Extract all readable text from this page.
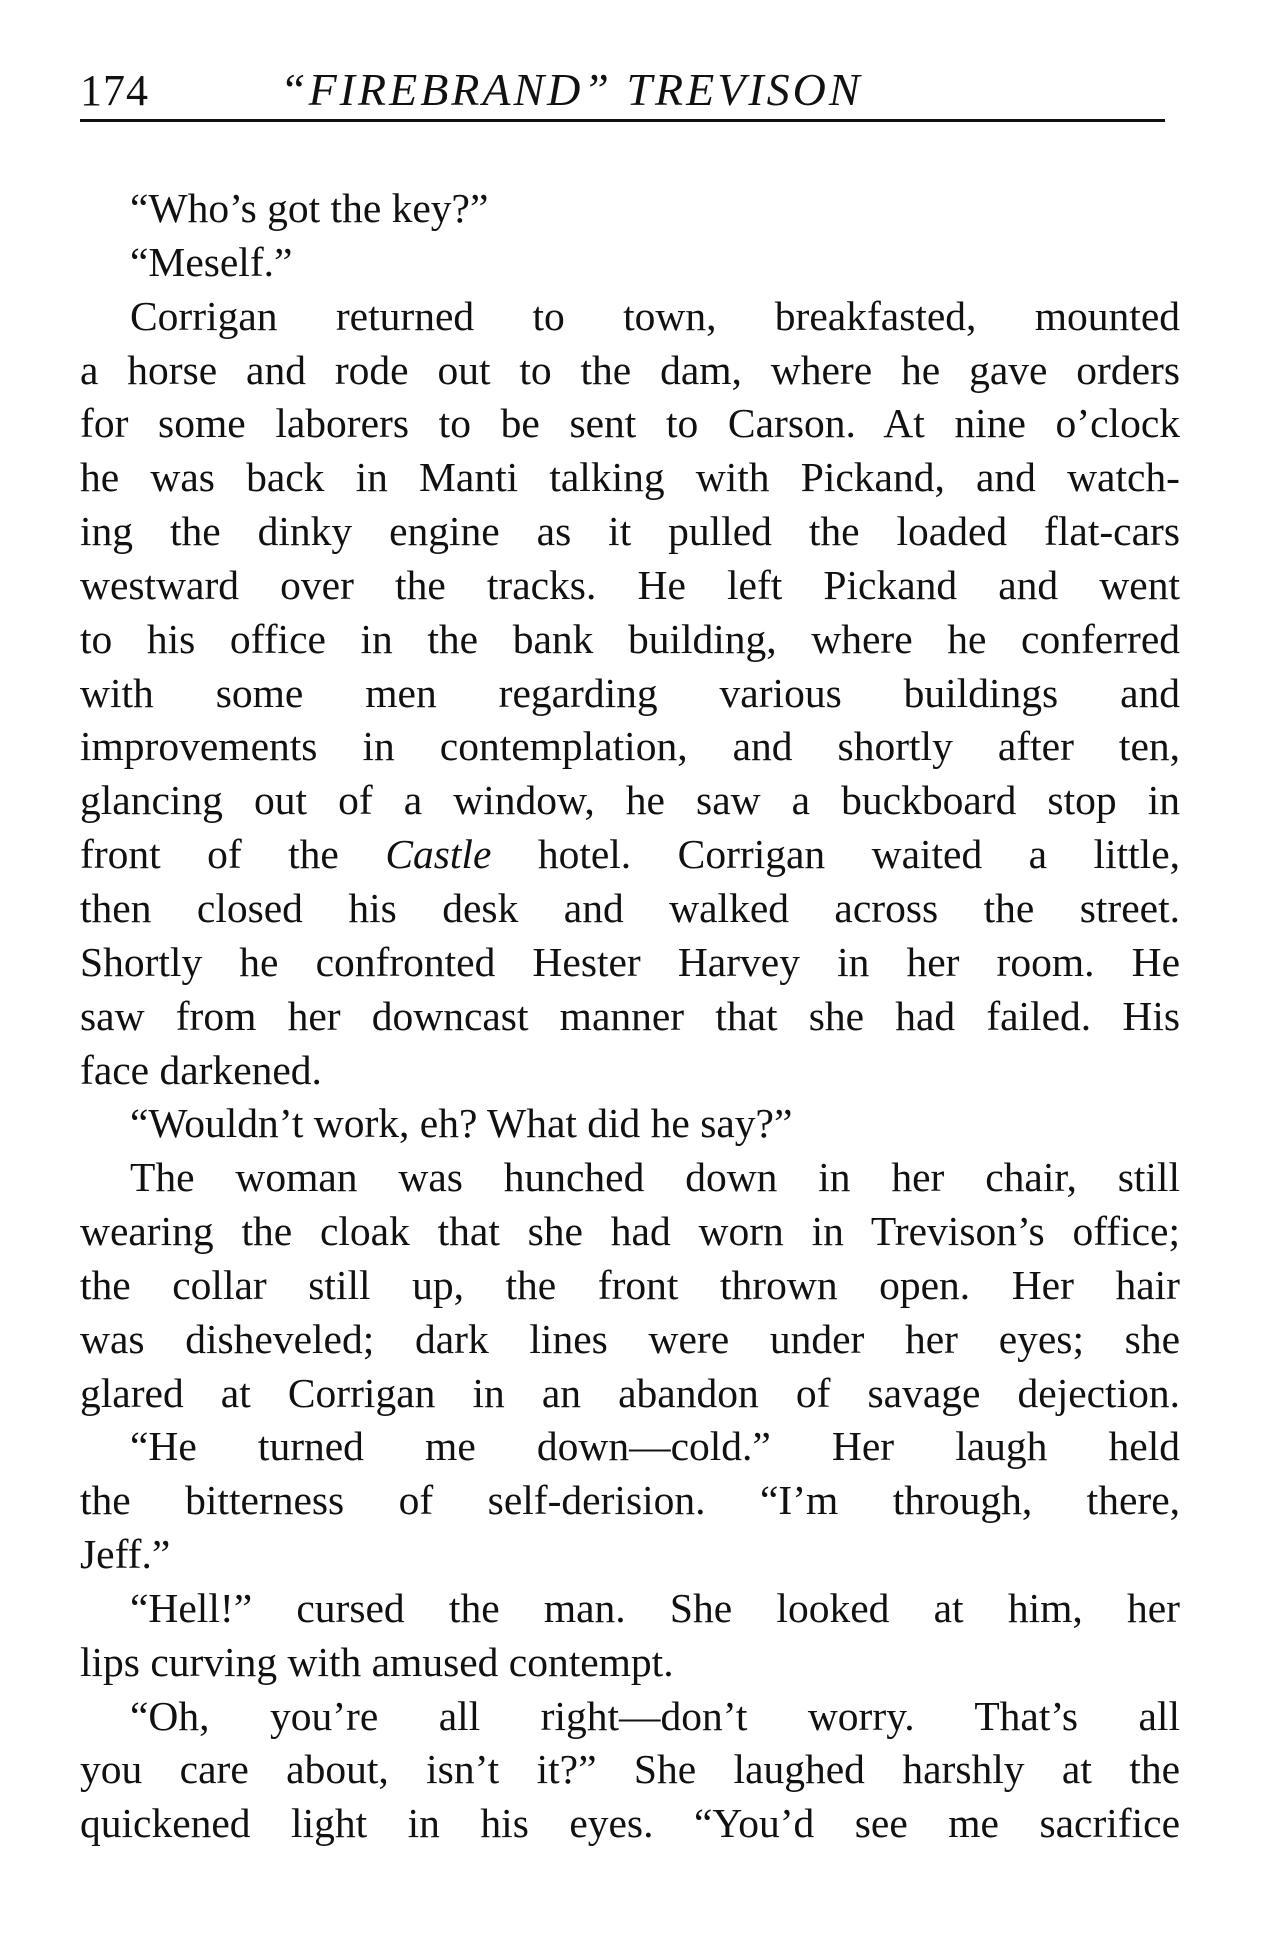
174	“FIREBRAND” TREVISON
“Who’s got the key?”
“Meself.”
Corrigan returned to town, breakfasted, mounted
a horse and rode out to the dam, where he gave orders
for some laborers to be sent to Carson. At nine o’clock
he was back in Manti talking with Pickand, and watch-
ing the dinky engine as it pulled the loaded flat-cars
westward over the tracks. He left Pickand and went
to his office in the bank building, where he conferred
with some men regarding various buildings and
improvements in contemplation, and shortly after ten,
glancing out of a window, he saw a buckboard stop in
front of the Castle hotel. Corrigan waited a little,
then closed his desk and walked across the street.
Shortly he confronted Hester Harvey in her room. He
saw from her downcast manner that she had failed. His
face darkened.
“Wouldn’t work, eh? What did he say?”
The woman was hunched down in her chair, still
wearing the cloak that she had worn in Trevison’s office;
the collar still up, the front thrown open. Her hair
was disheveled; dark lines were under her eyes; she
glared at Corrigan in an abandon of savage dejection.
“He turned me down—cold.” Her laugh held
the bitterness of self-derision. “I’m through, there,
Jeff.”
“Hell!” cursed the man. She looked at him, her
lips curving with amused contempt.
“Oh, you’re all right—don’t worry. That’s all
you care about, isn’t it?” She laughed harshly at the
quickened light in his eyes. “You’d see me sacrifice
